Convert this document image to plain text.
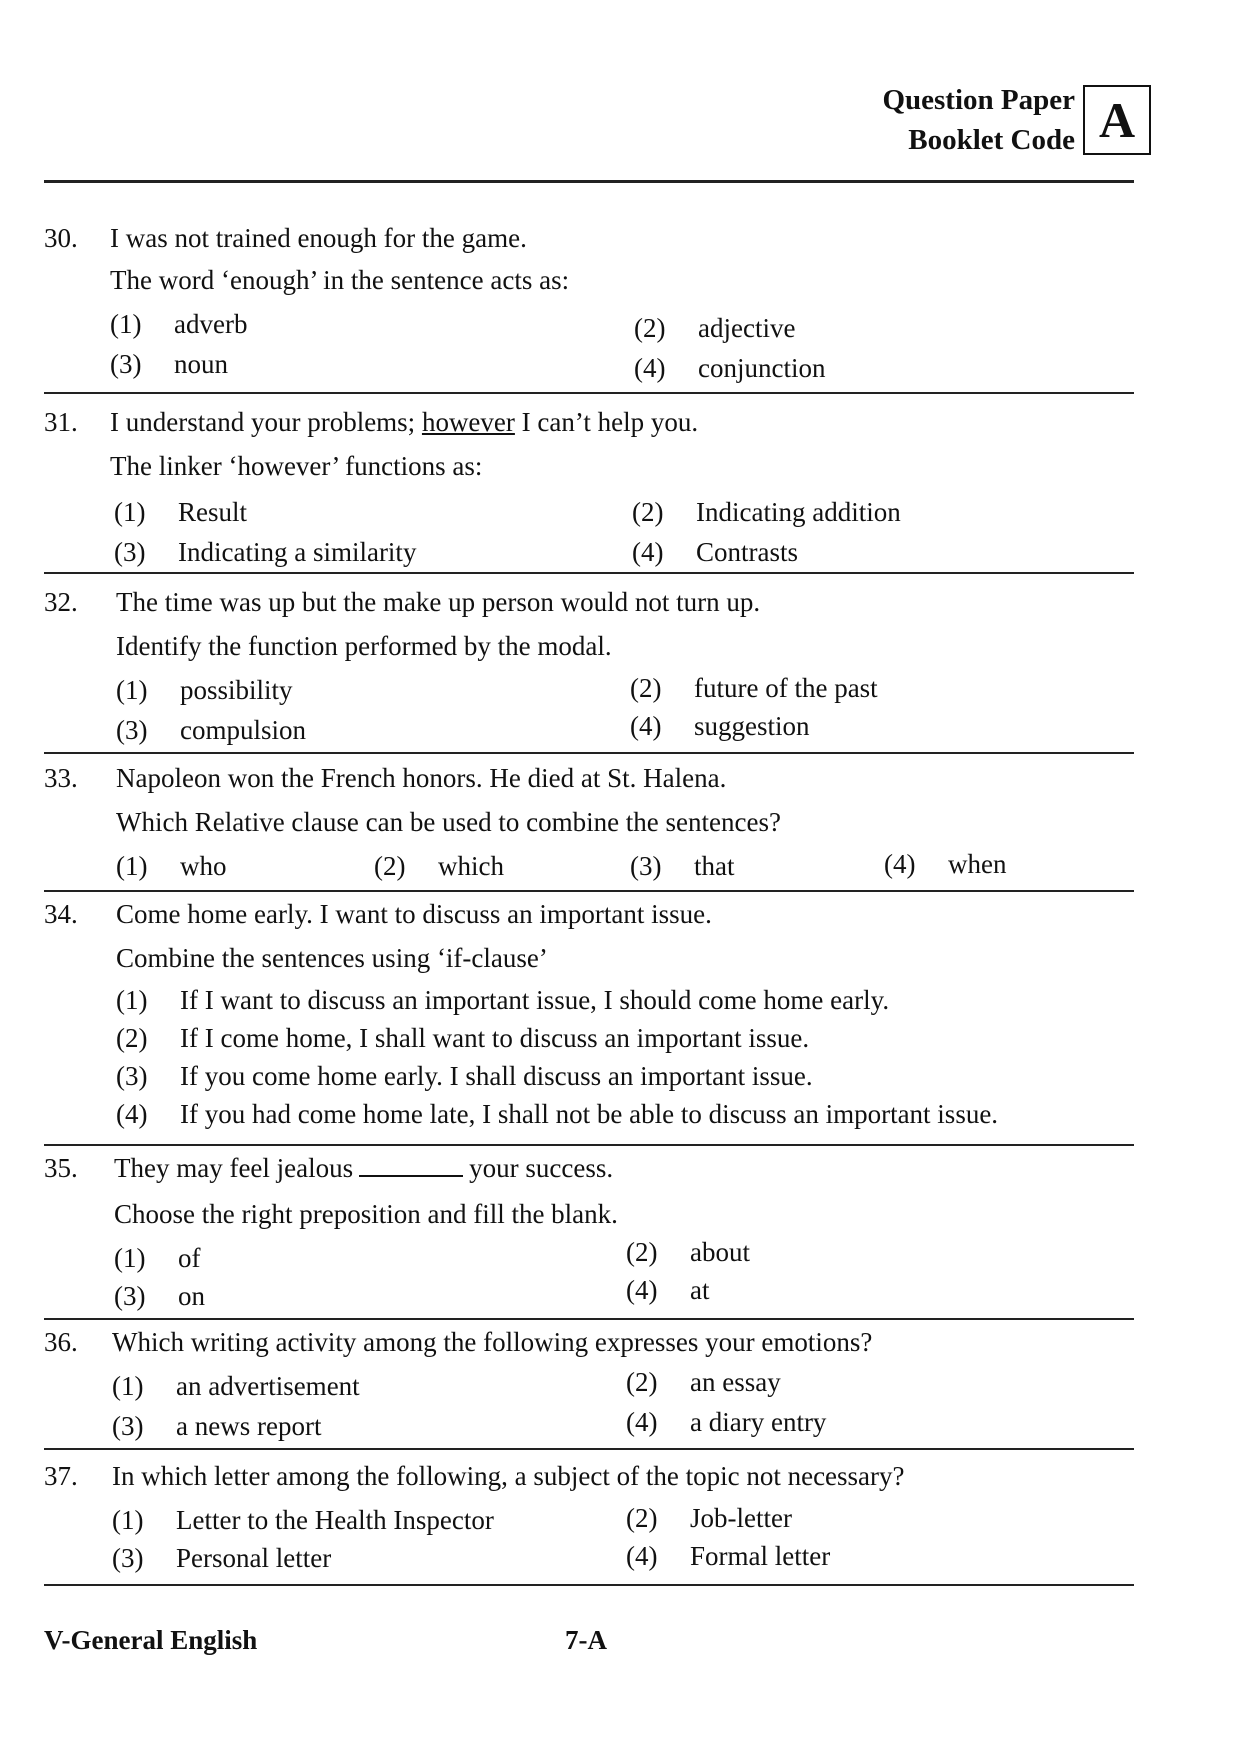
Question Paper
Booklet Code A
30.	I was not trained enough for the game.
The word ‘enough’ in the sentence acts as:
(1) adverb	(2) adjective
(3) noun	(4) conjunction
31.	I understand your problems; however I can’t help you.
The linker ‘however’ functions as:
(1) Result	(2) Indicating addition
(3) Indicating a similarity	(4) Contrasts
32.	The time was up but the make up person would not turn up.
Identify the function performed by the modal.
(1) possibility	(2) future of the past
(3) compulsion	(4) suggestion
33.	Napoleon won the French honors. He died at St. Halena.
Which Relative clause can be used to combine the sentences?
(1) who	(2) which	(3) that	(4) when
34.	Come home early. I want to discuss an important issue.
Combine the sentences using ‘if-clause’
(1) If I want to discuss an important issue, I should come home early.
(2) If I come home, I shall want to discuss an important issue.
(3) If you come home early. I shall discuss an important issue.
(4) If you had come home late, I shall not be able to discuss an important issue.
35.	They may feel jealous	your success.
Choose the right preposition and fill the blank.
(1) of	(2) about
(3) on	(4) at
36.	Which writing activity among the following expresses your emotions?
(1) an advertisement	(2) an essay
(3) a news report	(4) a diary entry
37.	In which letter among the following, a subject of the topic not necessary?
(1) Letter to the Health Inspector	(2) Job-letter
(3) Personal letter	(4) Formal letter
V-General English	7-A
